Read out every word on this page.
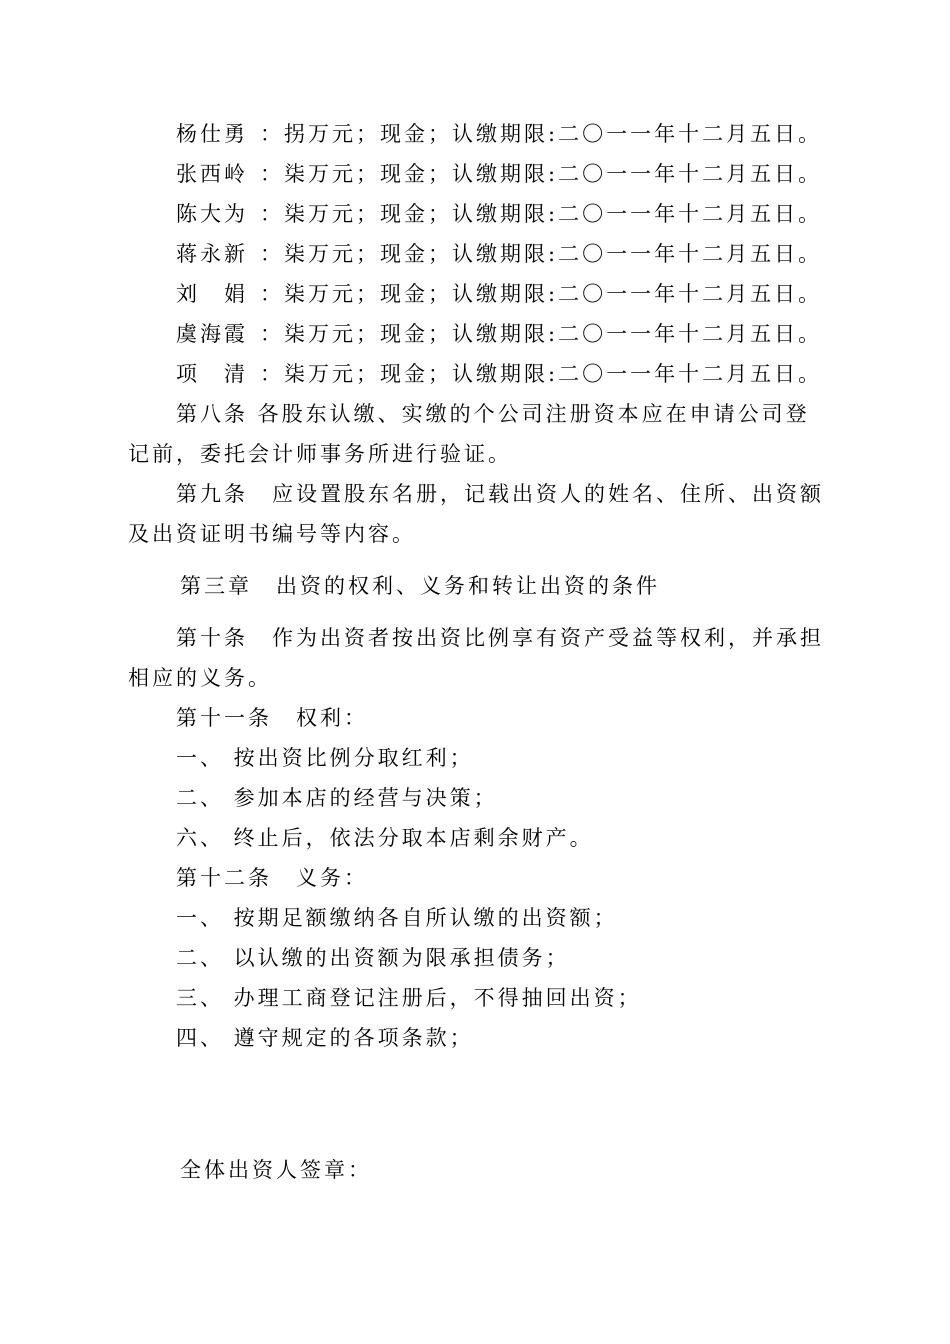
杨仕勇 ：拐万元；现金；认缴期限:二〇一一年十二月五日。
张西岭 ：柒万元；现金；认缴期限:二〇一一年十二月五日。
陈大为 ：柒万元；现金；认缴期限:二〇一一年十二月五日。
蒋永新 ：柒万元；现金；认缴期限:二〇一一年十二月五日。
刘　娟 ：柒万元；现金；认缴期限:二〇一一年十二月五日。
虞海霞 ：柒万元；现金；认缴期限:二〇一一年十二月五日。
项　清 ：柒万元；现金；认缴期限:二〇一一年十二月五日。
第八条 各股东认缴、实缴的个公司注册资本应在申请公司登
记前，委托会计师事务所进行验证。
第九条　应设置股东名册，记载出资人的姓名、住所、出资额
及出资证明书编号等内容。
第三章　出资的权利、义务和转让出资的条件
第十条　作为出资者按出资比例享有资产受益等权利，并承担
相应的义务。
第十一条　权利：
一、 按出资比例分取红利；
二、 参加本店的经营与决策；
六、 终止后，依法分取本店剩余财产。
第十二条　义务：
一、 按期足额缴纳各自所认缴的出资额；
二、 以认缴的出资额为限承担债务；
三、 办理工商登记注册后，不得抽回出资；
四、 遵守规定的各项条款；
全体出资人签章：
